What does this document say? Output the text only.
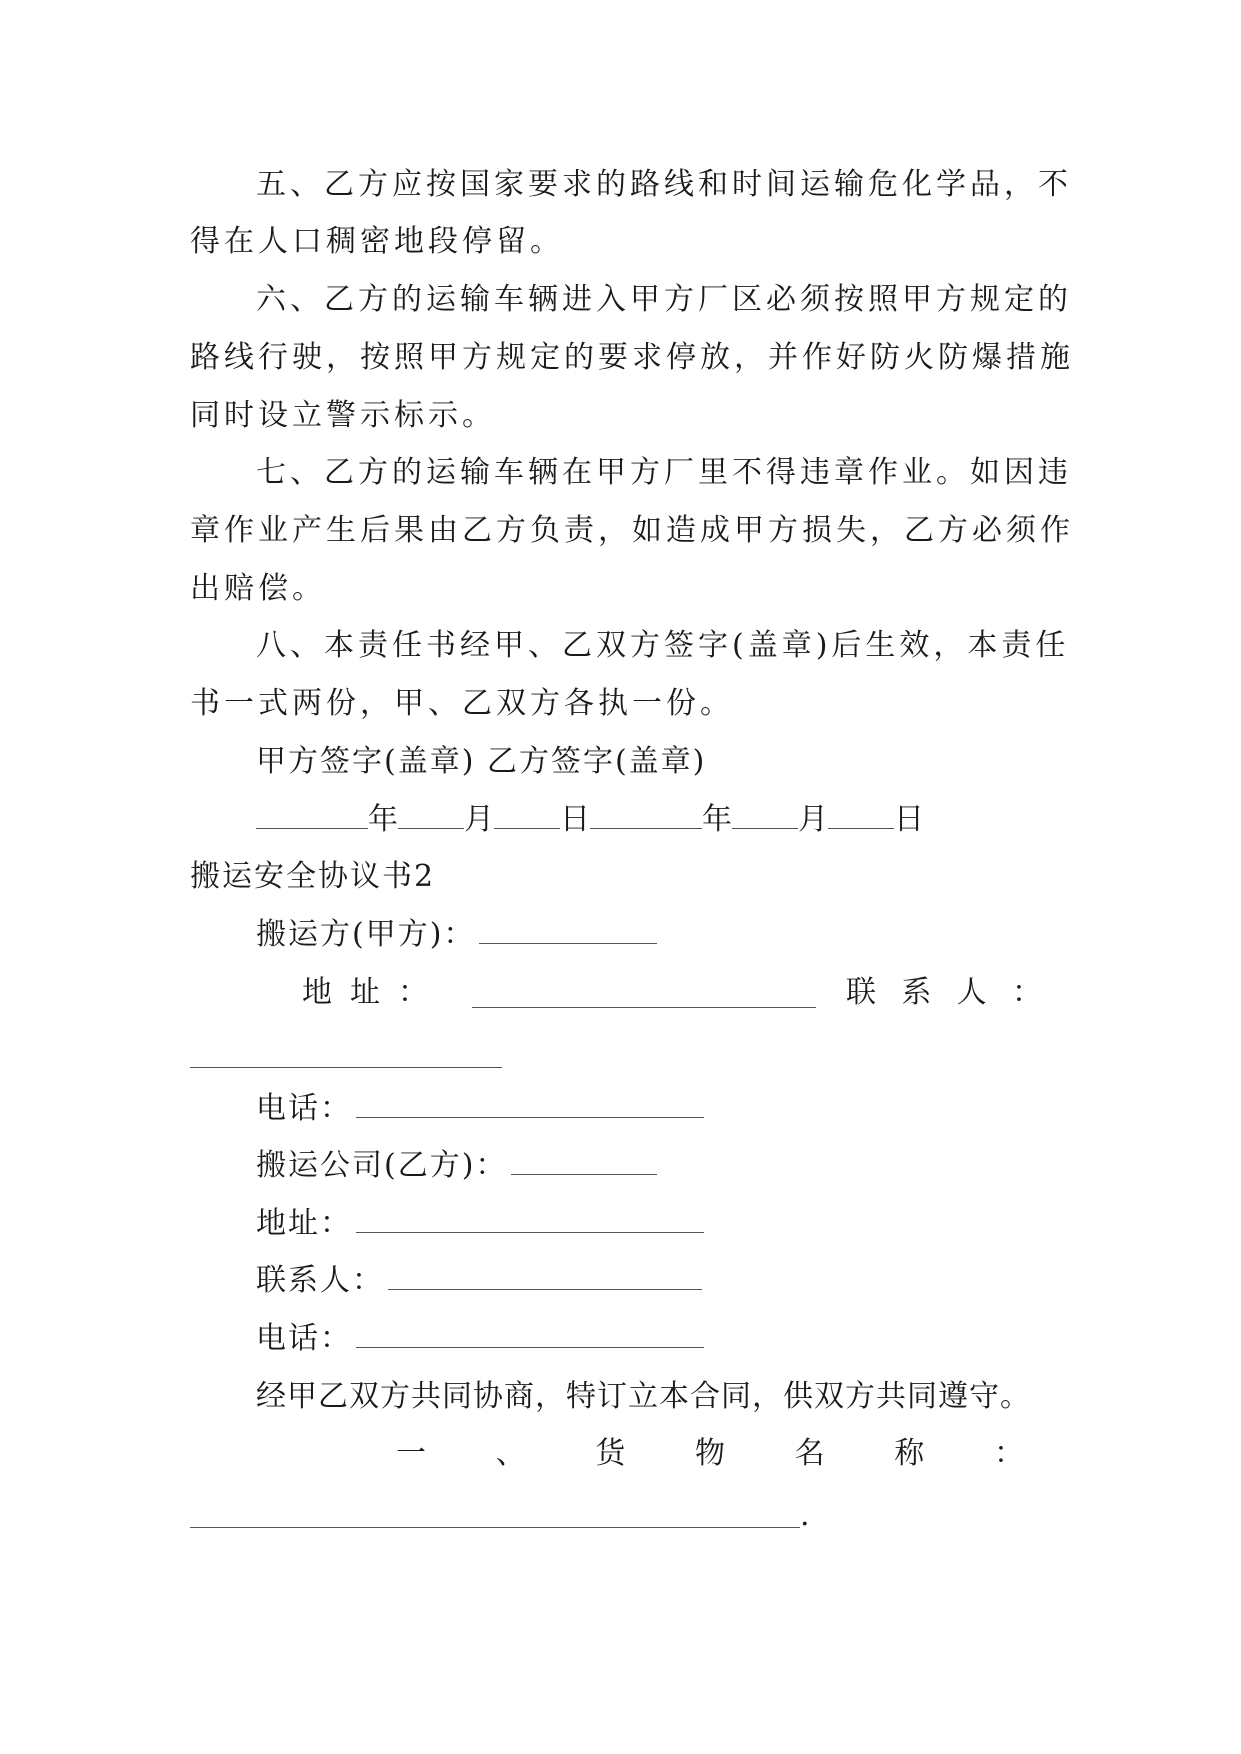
五、乙方应按国家要求的路线和时间运输危化学品，不
得在人口稠密地段停留。
六、乙方的运输车辆进入甲方厂区必须按照甲方规定的
路线行驶，按照甲方规定的要求停放，并作好防火防爆措施
同时设立警示标示。
七、乙方的运输车辆在甲方厂里不得违章作业。如因违
章作业产生后果由乙方负责，如造成甲方损失，乙方必须作
出赔偿。
八、本责任书经甲、乙双方签字(盖章)后生效，本责任
书一式两份，甲、乙双方各执一份。
甲方签字(盖章) 乙方签字(盖章)
年 月 日	年 月 日
搬运安全协议书2
搬运方(甲方)：
地 址 ：	联 系 人 ：
电话：
搬运公司(乙方)：
地址：
联系人：
电话：
经甲乙双方共同协商，特订立本合同，供双方共同遵守。
一 、 货 物 名 称 ：
.
